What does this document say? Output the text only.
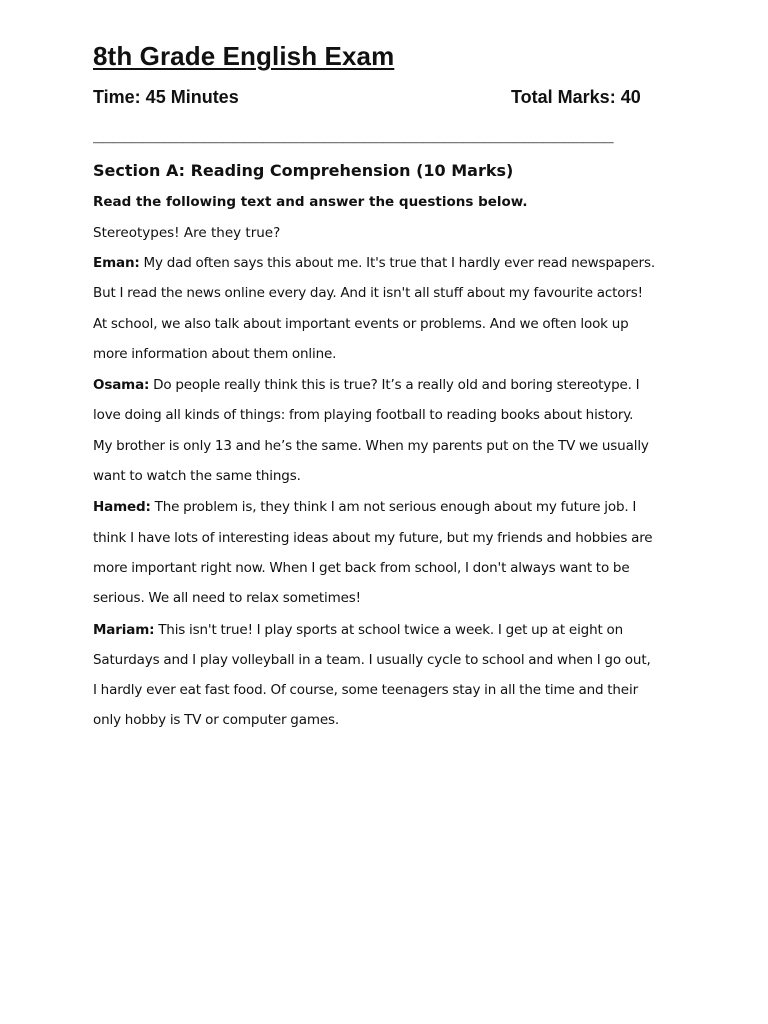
8th Grade English Exam
Time: 45 Minutes	Total Marks: 40
____________________________________________________
Section A: Reading Comprehension (10 Marks)
Read the following text and answer the questions below.
Stereotypes! Are they true?
Eman: My dad often says this about me. It's true that I hardly ever read newspapers. But I read the news online every day. And it isn't all stuff about my favourite actors! At school, we also talk about important events or problems. And we often look up more information about them online.
Osama: Do people really think this is true? It’s a really old and boring stereotype. I love doing all kinds of things: from playing football to reading books about history. My brother is only 13 and he’s the same. When my parents put on the TV we usually want to watch the same things.
Hamed: The problem is, they think I am not serious enough about my future job. I think I have lots of interesting ideas about my future, but my friends and hobbies are more important right now. When I get back from school, I don't always want to be serious. We all need to relax sometimes!
Mariam: This isn't true! I play sports at school twice a week. I get up at eight on Saturdays and I play volleyball in a team. I usually cycle to school and when I go out, I hardly ever eat fast food. Of course, some teenagers stay in all the time and their only hobby is TV or computer games.
